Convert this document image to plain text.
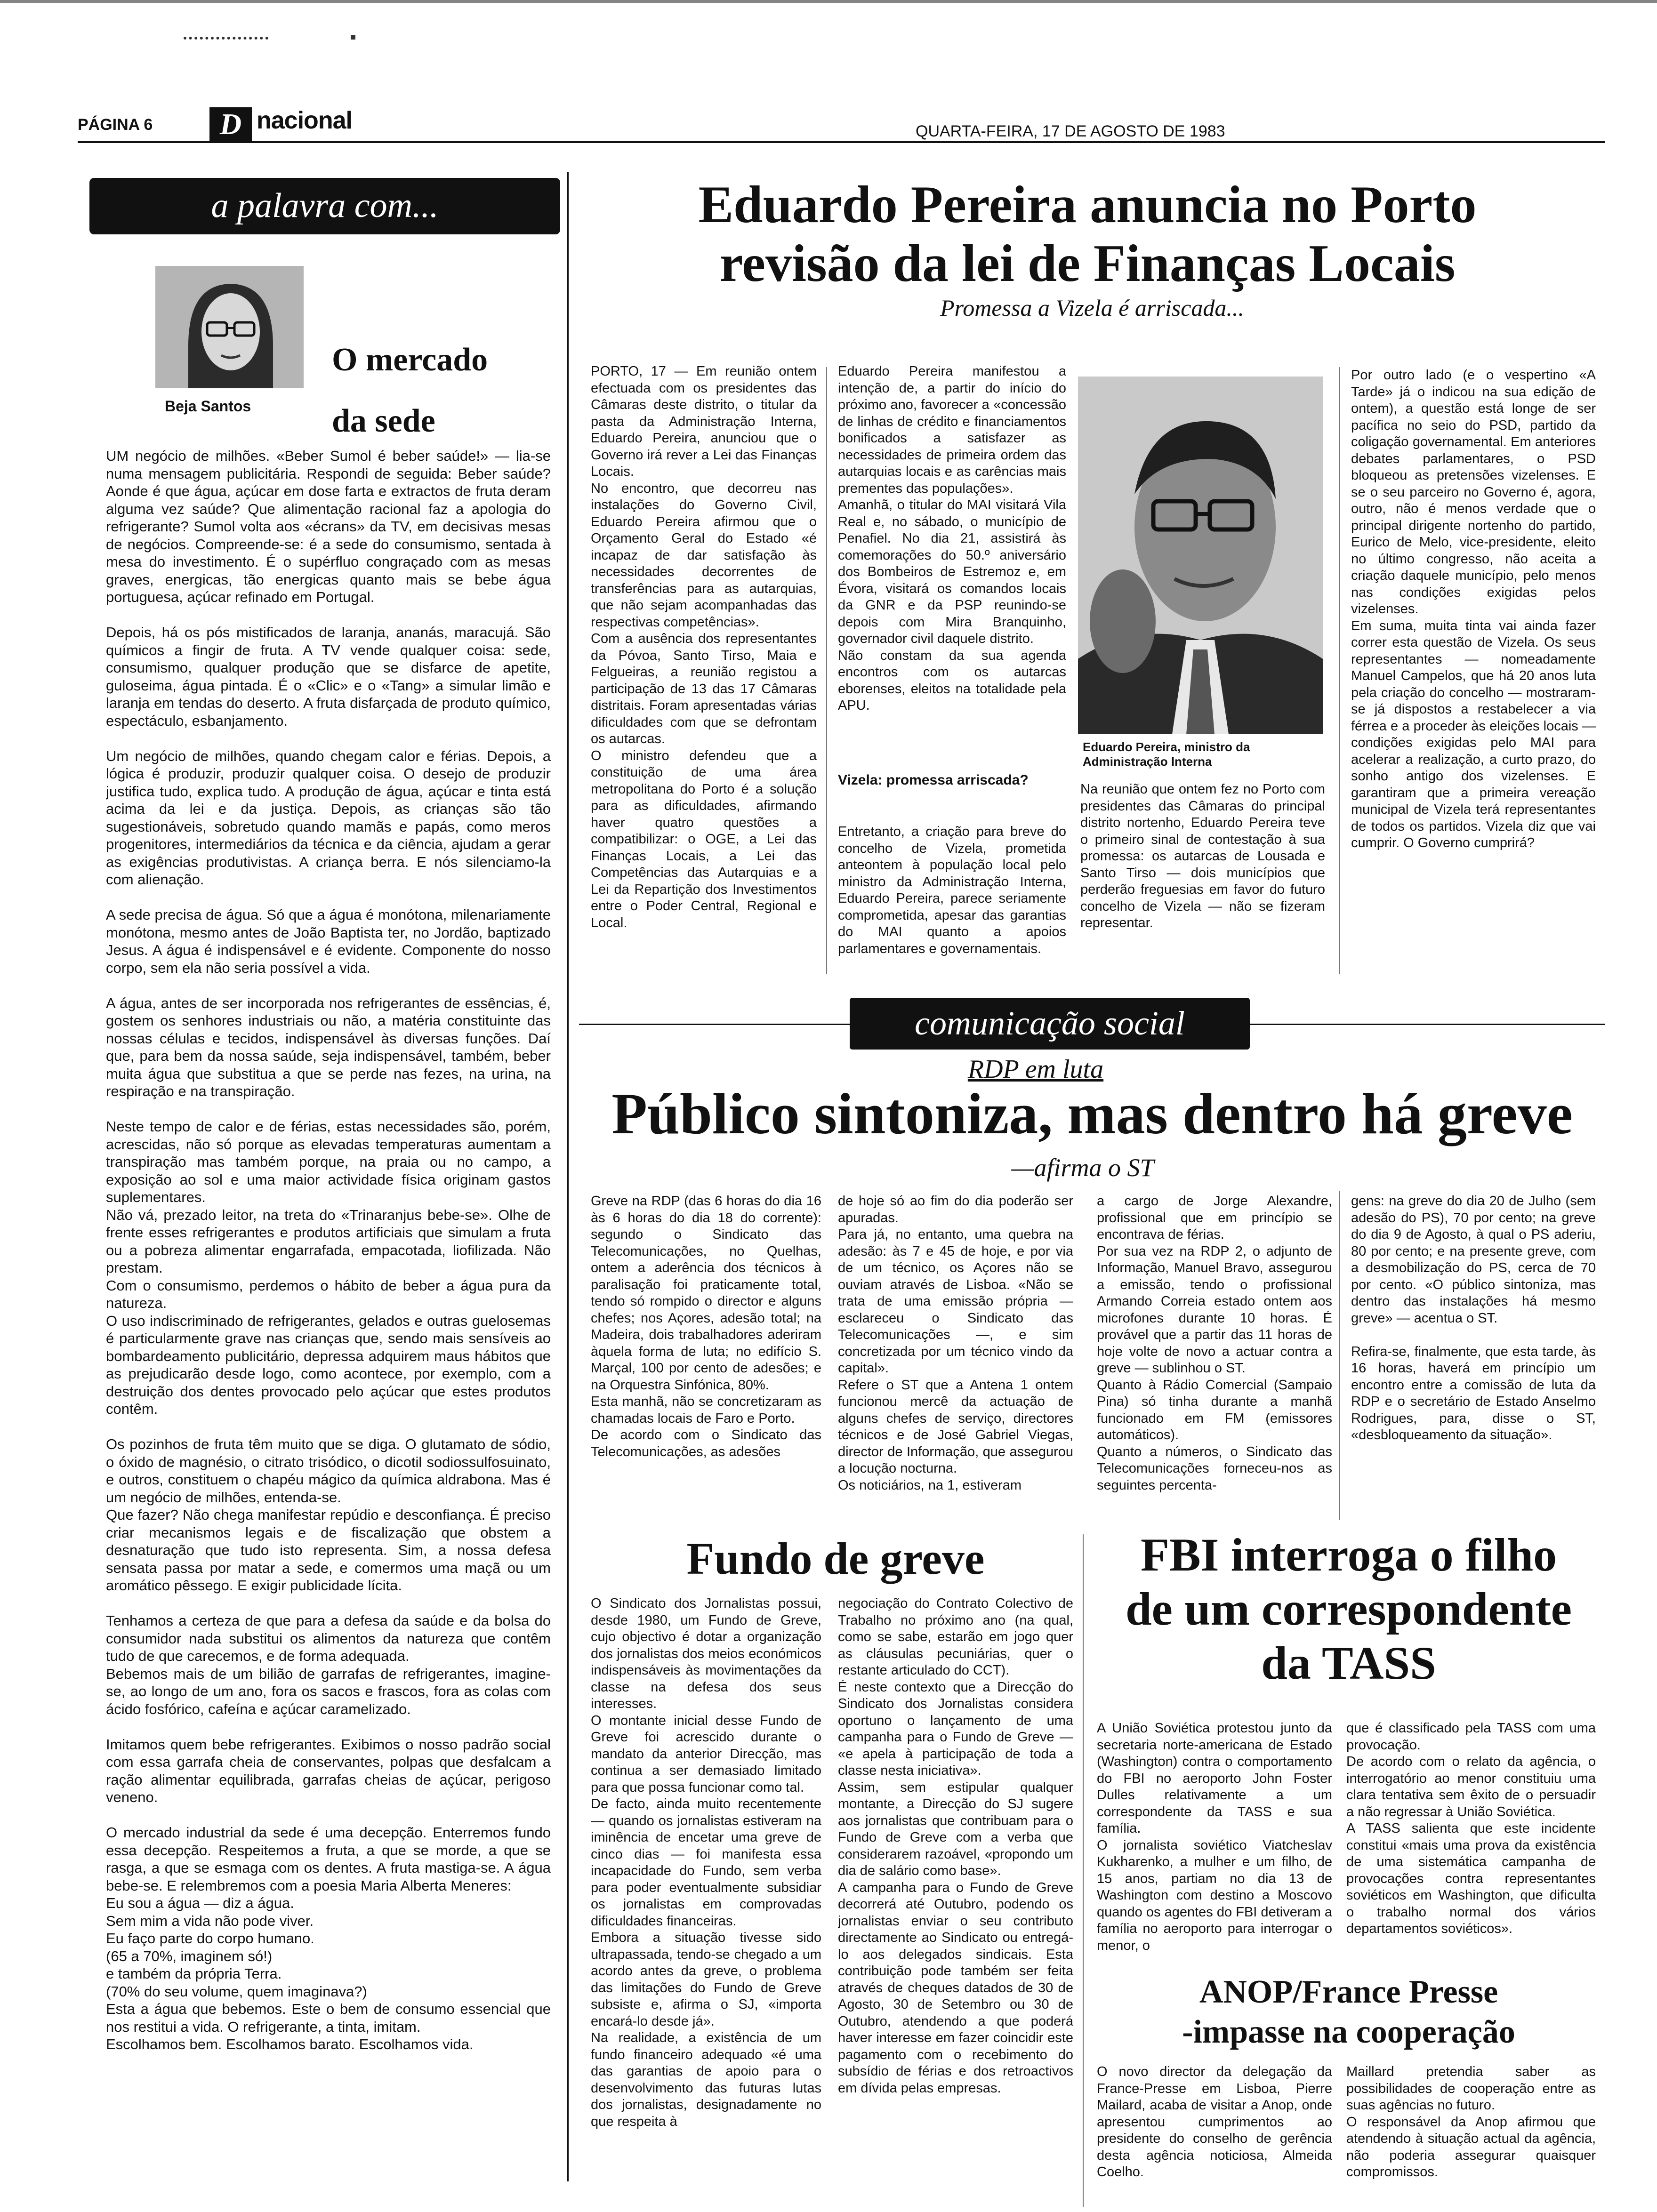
PÁGINA 6	D nacional	QUARTA-FEIRA, 17 DE AGOSTO DE 1983
a palavra com...
Beja Santos
O mercado da sede
UM negócio de milhões. «Beber Sumol é beber saúde!» — lia-se numa mensagem publicitária. Respondi de seguida: Beber saúde? Aonde é que água, açúcar em dose farta e extractos de fruta deram alguma vez saúde? Que alimentação racional faz a apologia do refrigerante? Sumol volta aos «écrans» da TV, em decisivas mesas de negócios. Compreende-se: é a sede do consumismo, sentada à mesa do investimento. É o supérfluo congraçado com as mesas graves, energicas, tão energicas quanto mais se bebe água portuguesa, açúcar refinado em Portugal.

Depois, há os pós mistificados de laranja, ananás, maracujá. São químicos a fingir de fruta. A TV vende qualquer coisa: sede, consumismo, qualquer produção que se disfarce de apetite, guloseima, água pintada. É o «Clic» e o «Tang» a simular limão e laranja em tendas do deserto. A fruta disfarçada de produto químico, espectáculo, esbanjamento.

Um negócio de milhões, quando chegam calor e férias. Depois, a lógica é produzir, produzir qualquer coisa. O desejo de produzir justifica tudo, explica tudo. A produção de água, açúcar e tinta está acima da lei e da justiça. Depois, as crianças são tão sugestionáveis, sobretudo quando mamãs e papás, como meros progenitores, intermediários da técnica e da ciência, ajudam a gerar as exigências produtivistas. A criança berra. E nós silenciamo-la com alienação.

A sede precisa de água. Só que a água é monótona, milenariamente monótona, mesmo antes de João Baptista ter, no Jordão, baptizado Jesus. A água é indispensável e é evidente. Componente do nosso corpo, sem ela não seria possível a vida.

A água, antes de ser incorporada nos refrigerantes de essências, é, gostem os senhores industriais ou não, a matéria constituinte das nossas células e tecidos, indispensável às diversas funções. Daí que, para bem da nossa saúde, seja indispensável, também, beber muita água que substitua a que se perde nas fezes, na urina, na respiração e na transpiração.

Neste tempo de calor e de férias, estas necessidades são, porém, acrescidas, não só porque as elevadas temperaturas aumentam a transpiração mas também porque, na praia ou no campo, a exposição ao sol e uma maior actividade física originam gastos suplementares.
Não vá, prezado leitor, na treta do «Trinaranjus bebe-se». Olhe de frente esses refrigerantes e produtos artificiais que simulam a fruta ou a pobreza alimentar engarrafada, empacotada, liofilizada. Não prestam.
Com o consumismo, perdemos o hábito de beber a água pura da natureza.
O uso indiscriminado de refrigerantes, gelados e outras guelosemas é particularmente grave nas crianças que, sendo mais sensíveis ao bombardeamento publicitário, depressa adquirem maus hábitos que as prejudicarão desde logo, como acontece, por exemplo, com a destruição dos dentes provocado pelo açúcar que estes produtos contêm.

Os pozinhos de fruta têm muito que se diga. O glutamato de sódio, o óxido de magnésio, o citrato trisódico, o dicotil sodiossulfosuinato, e outros, constituem o chapéu mágico da química aldrabona. Mas é um negócio de milhões, entenda-se.
Que fazer? Não chega manifestar repúdio e desconfiança. É preciso criar mecanismos legais e de fiscalização que obstem a desnaturação que tudo isto representa. Sim, a nossa defesa sensata passa por matar a sede, e comermos uma maçã ou um aromático pêssego. E exigir publicidade lícita.

Tenhamos a certeza de que para a defesa da saúde e da bolsa do consumidor nada substitui os alimentos da natureza que contêm tudo de que carecemos, e de forma adequada.
Bebemos mais de um bilião de garrafas de refrigerantes, imagine-se, ao longo de um ano, fora os sacos e frascos, fora as colas com ácido fosfórico, cafeína e açúcar caramelizado.

Imitamos quem bebe refrigerantes. Exibimos o nosso padrão social com essa garrafa cheia de conservantes, polpas que desfalcam a ração alimentar equilibrada, garrafas cheias de açúcar, perigoso veneno.

O mercado industrial da sede é uma decepção. Enterremos fundo essa decepção. Respeitemos a fruta, a que se morde, a que se rasga, a que se esmaga com os dentes. A fruta mastiga-se. A água bebe-se. E relembremos com a poesia Maria Alberta Meneres:
Eu sou a água — diz a água.
Sem mim a vida não pode viver.
Eu faço parte do corpo humano.
(65 a 70%, imaginem só!)
e também da própria Terra.
(70% do seu volume, quem imaginava?)
Esta a água que bebemos. Este o bem de consumo essencial que nos restitui a vida. O refrigerante, a tinta, imitam.
Escolhamos bem. Escolhamos barato. Escolhamos vida.
Eduardo Pereira anuncia no Porto
revisão da lei de Finanças Locais
Promessa a Vizela é arriscada...
PORTO, 17 — Em reunião ontem efectuada com os presidentes das Câmaras deste distrito, o titular da pasta da Administração Interna, Eduardo Pereira, anunciou que o Governo irá rever a Lei das Finanças Locais.
No encontro, que decorreu nas instalações do Governo Civil, Eduardo Pereira afirmou que o Orçamento Geral do Estado «é incapaz de dar satisfação às necessidades decorrentes de transferências para as autarquias, que não sejam acompanhadas das respectivas competências».
Com a ausência dos representantes da Póvoa, Santo Tirso, Maia e Felgueiras, a reunião registou a participação de 13 das 17 Câmaras distritais. Foram apresentadas várias dificuldades com que se defrontam os autarcas.
O ministro defendeu que a constituição de uma área metropolitana do Porto é a solução para as dificuldades, afirmando haver quatro questões a compatibilizar: o OGE, a Lei das Finanças Locais, a Lei das Competências das Autarquias e a Lei da Repartição dos Investimentos entre o Poder Central, Regional e Local.
Eduardo Pereira manifestou a intenção de, a partir do início do próximo ano, favorecer a «concessão de linhas de crédito e financiamentos bonificados a satisfazer as necessidades de primeira ordem das autarquias locais e as carências mais prementes das populações».
Amanhã, o titular do MAI visitará Vila Real e, no sábado, o município de Penafiel. No dia 21, assistirá às comemorações do 50.º aniversário dos Bombeiros de Estremoz e, em Évora, visitará os comandos locais da GNR e da PSP reunindo-se depois com Mira Branquinho, governador civil daquele distrito.
Não constam da sua agenda encontros com os autarcas eborenses, eleitos na totalidade pela APU.
Vizela: promessa arriscada?
Entretanto, a criação para breve do concelho de Vizela, prometida anteontem à população local pelo ministro da Administração Interna, Eduardo Pereira, parece seriamente comprometida, apesar das garantias do MAI quanto a apoios parlamentares e governamentais.
Eduardo Pereira, ministro da Administração Interna
Na reunião que ontem fez no Porto com presidentes das Câmaras do principal distrito nortenho, Eduardo Pereira teve o primeiro sinal de contestação à sua promessa: os autarcas de Lousada e Santo Tirso — dois municípios que perderão freguesias em favor do futuro concelho de Vizela — não se fizeram representar.
Por outro lado (e o vespertino «A Tarde» já o indicou na sua edição de ontem), a questão está longe de ser pacífica no seio do PSD, partido da coligação governamental. Em anteriores debates parlamentares, o PSD bloqueou as pretensões vizelenses. E se o seu parceiro no Governo é, agora, outro, não é menos verdade que o principal dirigente nortenho do partido, Eurico de Melo, vice-presidente, eleito no último congresso, não aceita a criação daquele município, pelo menos nas condições exigidas pelos vizelenses.
Em suma, muita tinta vai ainda fazer correr esta questão de Vizela. Os seus representantes — nomeadamente Manuel Campelos, que há 20 anos luta pela criação do concelho — mostraram-se já dispostos a restabelecer a via férrea e a proceder às eleições locais — condições exigidas pelo MAI para acelerar a realização, a curto prazo, do sonho antigo dos vizelenses. E garantiram que a primeira vereação municipal de Vizela terá representantes de todos os partidos. Vizela diz que vai cumprir. O Governo cumprirá?
comunicação social
RDP em luta
Público sintoniza, mas dentro há greve
—afirma o ST
Greve na RDP (das 6 horas do dia 16 às 6 horas do dia 18 do corrente): segundo o Sindicato das Telecomunicações, no Quelhas, ontem a aderência dos técnicos à paralisação foi praticamente total, tendo só rompido o director e alguns chefes; nos Açores, adesão total; na Madeira, dois trabalhadores aderiram àquela forma de luta; no edifício S. Marçal, 100 por cento de adesões; e na Orquestra Sinfónica, 80%.
Esta manhã, não se concretizaram as chamadas locais de Faro e Porto.
De acordo com o Sindicato das Telecomunicações, as adesões
de hoje só ao fim do dia poderão ser apuradas.
Para já, no entanto, uma quebra na adesão: às 7 e 45 de hoje, e por via de um técnico, os Açores não se ouviam através de Lisboa. «Não se trata de uma emissão própria — esclareceu o Sindicato das Telecomunicações —, e sim concretizada por um técnico vindo da capital».
Refere o ST que a Antena 1 ontem funcionou mercê da actuação de alguns chefes de serviço, directores técnicos e de José Gabriel Viegas, director de Informação, que assegurou a locução nocturna.
Os noticiários, na 1, estiveram
a cargo de Jorge Alexandre, profissional que em princípio se encontrava de férias.
Por sua vez na RDP 2, o adjunto de Informação, Manuel Bravo, assegurou a emissão, tendo o profissional Armando Correia estado ontem aos microfones durante 10 horas. É provável que a partir das 11 horas de hoje volte de novo a actuar contra a greve — sublinhou o ST.
Quanto à Rádio Comercial (Sampaio Pina) só tinha durante a manhã funcionado em FM (emissores automáticos).
Quanto a números, o Sindicato das Telecomunicações forneceu-nos as seguintes percenta-
gens: na greve do dia 20 de Julho (sem adesão do PS), 70 por cento; na greve do dia 9 de Agosto, à qual o PS aderiu, 80 por cento; e na presente greve, com a desmobilização do PS, cerca de 70 por cento. «O público sintoniza, mas dentro das instalações há mesmo greve» — acentua o ST.

Refira-se, finalmente, que esta tarde, às 16 horas, haverá em princípio um encontro entre a comissão de luta da RDP e o secretário de Estado Anselmo Rodrigues, para, disse o ST, «desbloqueamento da situação».
Fundo de greve
O Sindicato dos Jornalistas possui, desde 1980, um Fundo de Greve, cujo objectivo é dotar a organização dos jornalistas dos meios económicos indispensáveis às movimentações da classe na defesa dos seus interesses.
O montante inicial desse Fundo de Greve foi acrescido durante o mandato da anterior Direcção, mas continua a ser demasiado limitado para que possa funcionar como tal.
De facto, ainda muito recentemente — quando os jornalistas estiveram na iminência de encetar uma greve de cinco dias — foi manifesta essa incapacidade do Fundo, sem verba para poder eventualmente subsidiar os jornalistas em comprovadas dificuldades financeiras.
Embora a situação tivesse sido ultrapassada, tendo-se chegado a um acordo antes da greve, o problema das limitações do Fundo de Greve subsiste e, afirma o SJ, «importa encará-lo desde já».
Na realidade, a existência de um fundo financeiro adequado «é uma das garantias de apoio para o desenvolvimento das futuras lutas dos jornalistas, designadamente no que respeita à
negociação do Contrato Colectivo de Trabalho no próximo ano (na qual, como se sabe, estarão em jogo quer as cláusulas pecuniárias, quer o restante articulado do CCT).
É neste contexto que a Direcção do Sindicato dos Jornalistas considera oportuno o lançamento de uma campanha para o Fundo de Greve — «e apela à participação de toda a classe nesta iniciativa».
Assim, sem estipular qualquer montante, a Direcção do SJ sugere aos jornalistas que contribuam para o Fundo de Greve com a verba que considerarem razoável, «propondo um dia de salário como base».
A campanha para o Fundo de Greve decorrerá até Outubro, podendo os jornalistas enviar o seu contributo directamente ao Sindicato ou entregá-lo aos delegados sindicais. Esta contribuição pode também ser feita através de cheques datados de 30 de Agosto, 30 de Setembro ou 30 de Outubro, atendendo a que poderá haver interesse em fazer coincidir este pagamento com o recebimento do subsídio de férias e dos retroactivos em dívida pelas empresas.
FBI interroga o filho
de um correspondente
da TASS
A União Soviética protestou junto da secretaria norte-americana de Estado (Washington) contra o comportamento do FBI no aeroporto John Foster Dulles relativamente a um correspondente da TASS e sua família.
O jornalista soviético Viatcheslav Kukharenko, a mulher e um filho, de 15 anos, partiam no dia 13 de Washington com destino a Moscovo quando os agentes do FBI detiveram a família no aeroporto para interrogar o menor, o
que é classificado pela TASS com uma provocação.
De acordo com o relato da agência, o interrogatório ao menor constituiu uma clara tentativa sem êxito de o persuadir a não regressar à União Soviética.
A TASS salienta que este incidente constitui «mais uma prova da existência de uma sistemática campanha de provocações contra representantes soviéticos em Washington, que dificulta o trabalho normal dos vários departamentos soviéticos».
ANOP/France Presse
-impasse na cooperação
O novo director da delegação da France-Presse em Lisboa, Pierre Mailard, acaba de visitar a Anop, onde apresentou cumprimentos ao presidente do conselho de gerência desta agência noticiosa, Almeida Coelho.
Maillard pretendia saber as possibilidades de cooperação entre as suas agências no futuro.
O responsável da Anop afirmou que atendendo à situação actual da agência, não poderia assegurar quaisquer compromissos.
